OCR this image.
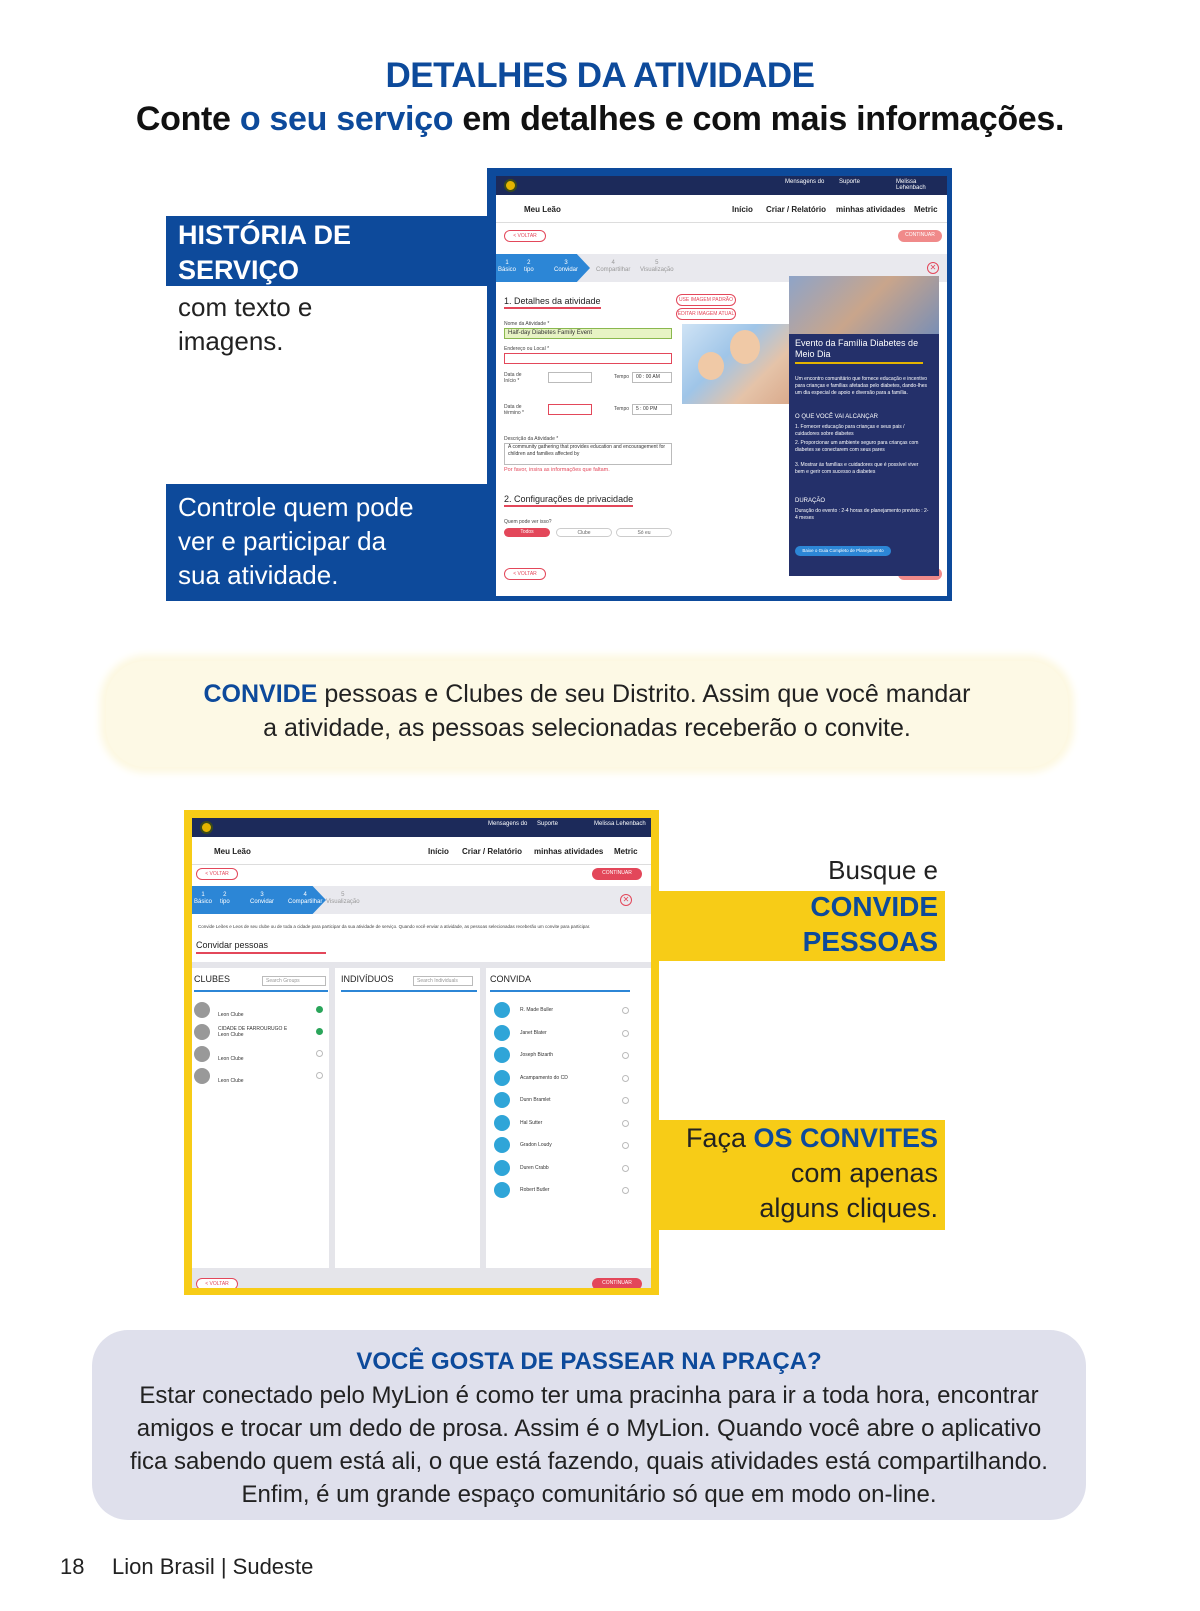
DETALHES DA ATIVIDADE
Conte o seu serviço em detalhes e com mais informações.
Mensagens do Suporte	Melissa Lehenbach
Meu Leão	Início Criar / Relatório minhas atividades Metric
< VOLTAR	CONTINUAR
1
Básico
2
tipo
3
Convidar
4
Compartilhar
5
Visualização	✕
1. Detalhes da atividade	USE IMAGEM PADRÃO
EDITAR IMAGEM ATUAL
Nome da Atividade *
Half-day Diabetes Family Event
Endereço ou Local *
Data de Início *
Tempo	00 : 00 AM
Data de término *
Tempo	5 : 00 PM
Descrição da Atividade *
A community gathering that provides education and encouragement for children and families affected by
Por favor, insira as informações que faltam.
2. Configurações de privacidade
Quem pode ver isso?
Todos	Clube	Só eu
< VOLTAR
Evento da Família Diabetes de Meio Dia
Um encontro comunitário que fornece educação e incentivo para crianças e famílias afetadas pelo diabetes, dando-lhes um dia especial de apoio e diversão para a família.
O QUE VOCÊ VAI ALCANÇAR
1. Fornecer educação para crianças e seus pais / cuidadores sobre diabetes
2. Proporcionar um ambiente seguro para crianças com diabetes se conectarem com seus pares
3. Mostrar às famílias e cuidadores que é possível viver bem e gerir com sucesso a diabetes
DURAÇÃO
Duração do evento : 2-4 horas de planejamento previsto : 2-4 meses
Baixe o Guia Completo de Planejamento
HISTÓRIA DE
SERVIÇO
com texto e
imagens.
Controle quem pode
ver e participar da
sua atividade.
CONVIDE pessoas e Clubes de seu Distrito. Assim que você mandar
a atividade, as pessoas selecionadas receberão o convite.
Mensagens do Suporte	Melissa Lehenbach
Meu Leão	Início Criar / Relatório minhas atividades Metric
< VOLTAR	CONTINUAR
1
Básico
2
tipo
3
Convidar
4
Compartilhar
5
Visualização	✕
Convide Leões e Leos de seu clube ou de toda a cidade para participar da sua atividade de serviço. Quando você enviar a atividade, as pessoas selecionadas receberão um convite para participar.
Convidar pessoas
CLUBES	Search Groups
Leon Clube
CIDADE DE FARROURUGO E
Leon Clube
Leon Clube
Leon Clube
INDIVÍDUOS	Search Individuals	CONVIDA
R. Made Buller
Janet Blater
Joseph Bizarth
Acampamento do CD
Dunn Bramlet
Hal Sutter
Gradon Loudy
Duren Crabb
Robert Butler
< VOLTAR	CONTINUAR
Busque e
CONVIDE
PESSOAS
Faça OS CONVITES
com apenas
alguns cliques.
VOCÊ GOSTA DE PASSEAR NA PRAÇA?
Estar conectado pelo MyLion é como ter uma pracinha para ir a toda hora, encontrar
amigos e trocar um dedo de prosa. Assim é o MyLion. Quando você abre o aplicativo
fica sabendo quem está ali, o que está fazendo, quais atividades está compartilhando.
Enfim, é um grande espaço comunitário só que em modo on-line.
18 Lion Brasil | Sudeste
